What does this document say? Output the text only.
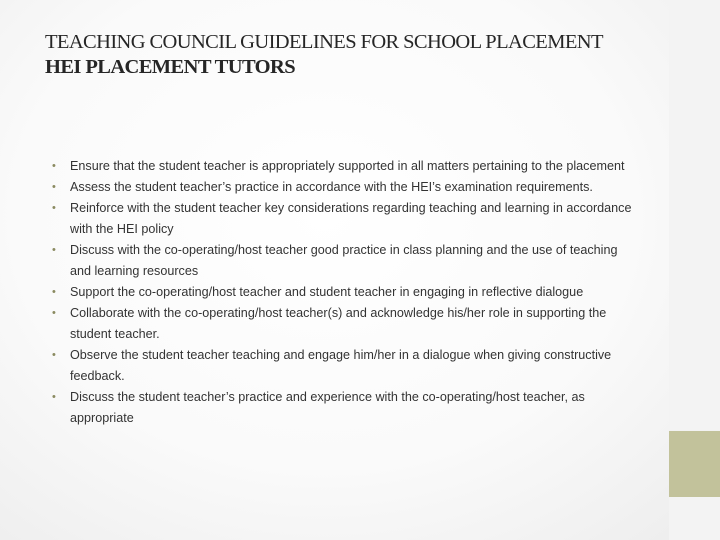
TEACHING COUNCIL GUIDELINES FOR SCHOOL PLACEMENT
HEI PLACEMENT TUTORS
• Ensure that the student teacher is appropriately supported in all matters pertaining to the placement
• Assess the student teacher’s practice in accordance with the HEI’s examination requirements.
• Reinforce with the student teacher key considerations regarding teaching and learning in accordance with the HEI policy
• Discuss with the co-operating/host teacher good practice in class planning and the use of teaching and learning resources
• Support the co-operating/host teacher and student teacher in engaging in reflective dialogue
• Collaborate with the co-operating/host teacher(s) and acknowledge his/her role in supporting the student teacher.
• Observe the student teacher teaching and engage him/her in a dialogue when giving constructive feedback.
• Discuss the student teacher’s practice and experience with the co-operating/host teacher, as appropriate
